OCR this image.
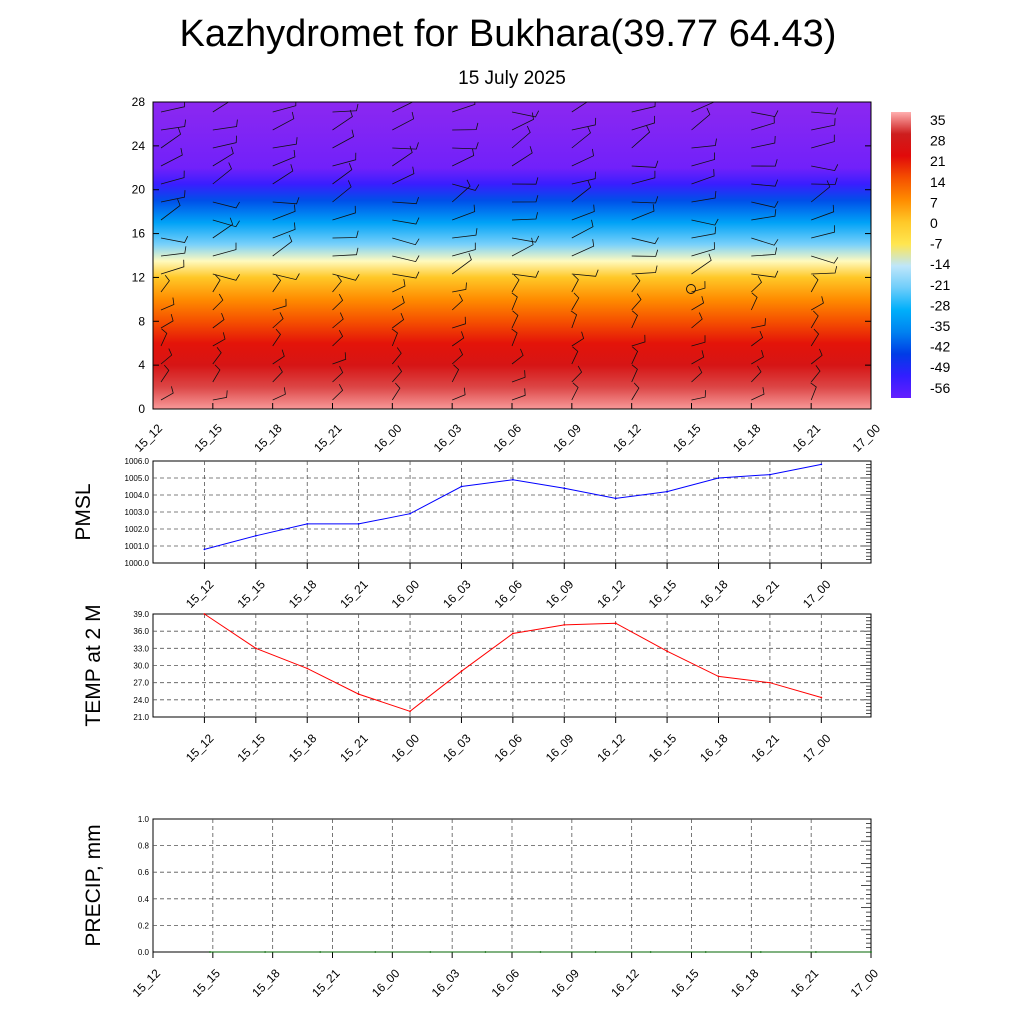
Kazhydromet for Bukhara(39.77 64.43)
15 July 2025
0
4
8
12
16
20
24
28
15_12 15_15 15_18 15_21 16_00 16_03 16_06 16_09 16_12 16_15 16_18 16_21 17_00
35
28
21
14
7
0
-7
-14
-21
-28
-35
-42
-49
-56
1000.0
1001.0
1002.0
1003.0
1004.0
1005.0
1006.0
15_12 15_15 15_18 15_21 16_00 16_03 16_06 16_09 16_12 16_15 16_18 16_21 17_00
PMSL
21.0
24.0
27.0
30.0
33.0
36.0
39.0
15_12 15_15 15_18 15_21 16_00 16_03 16_06 16_09 16_12 16_15 16_18 16_21 17_00
TEMP at 2 M
0.0
0.2
0.4
0.6
0.8
1.0
15_12 15_15 15_18 15_21 16_00 16_03 16_06 16_09 16_12 16_15 16_18 16_21 17_00
PRECIP, mm
